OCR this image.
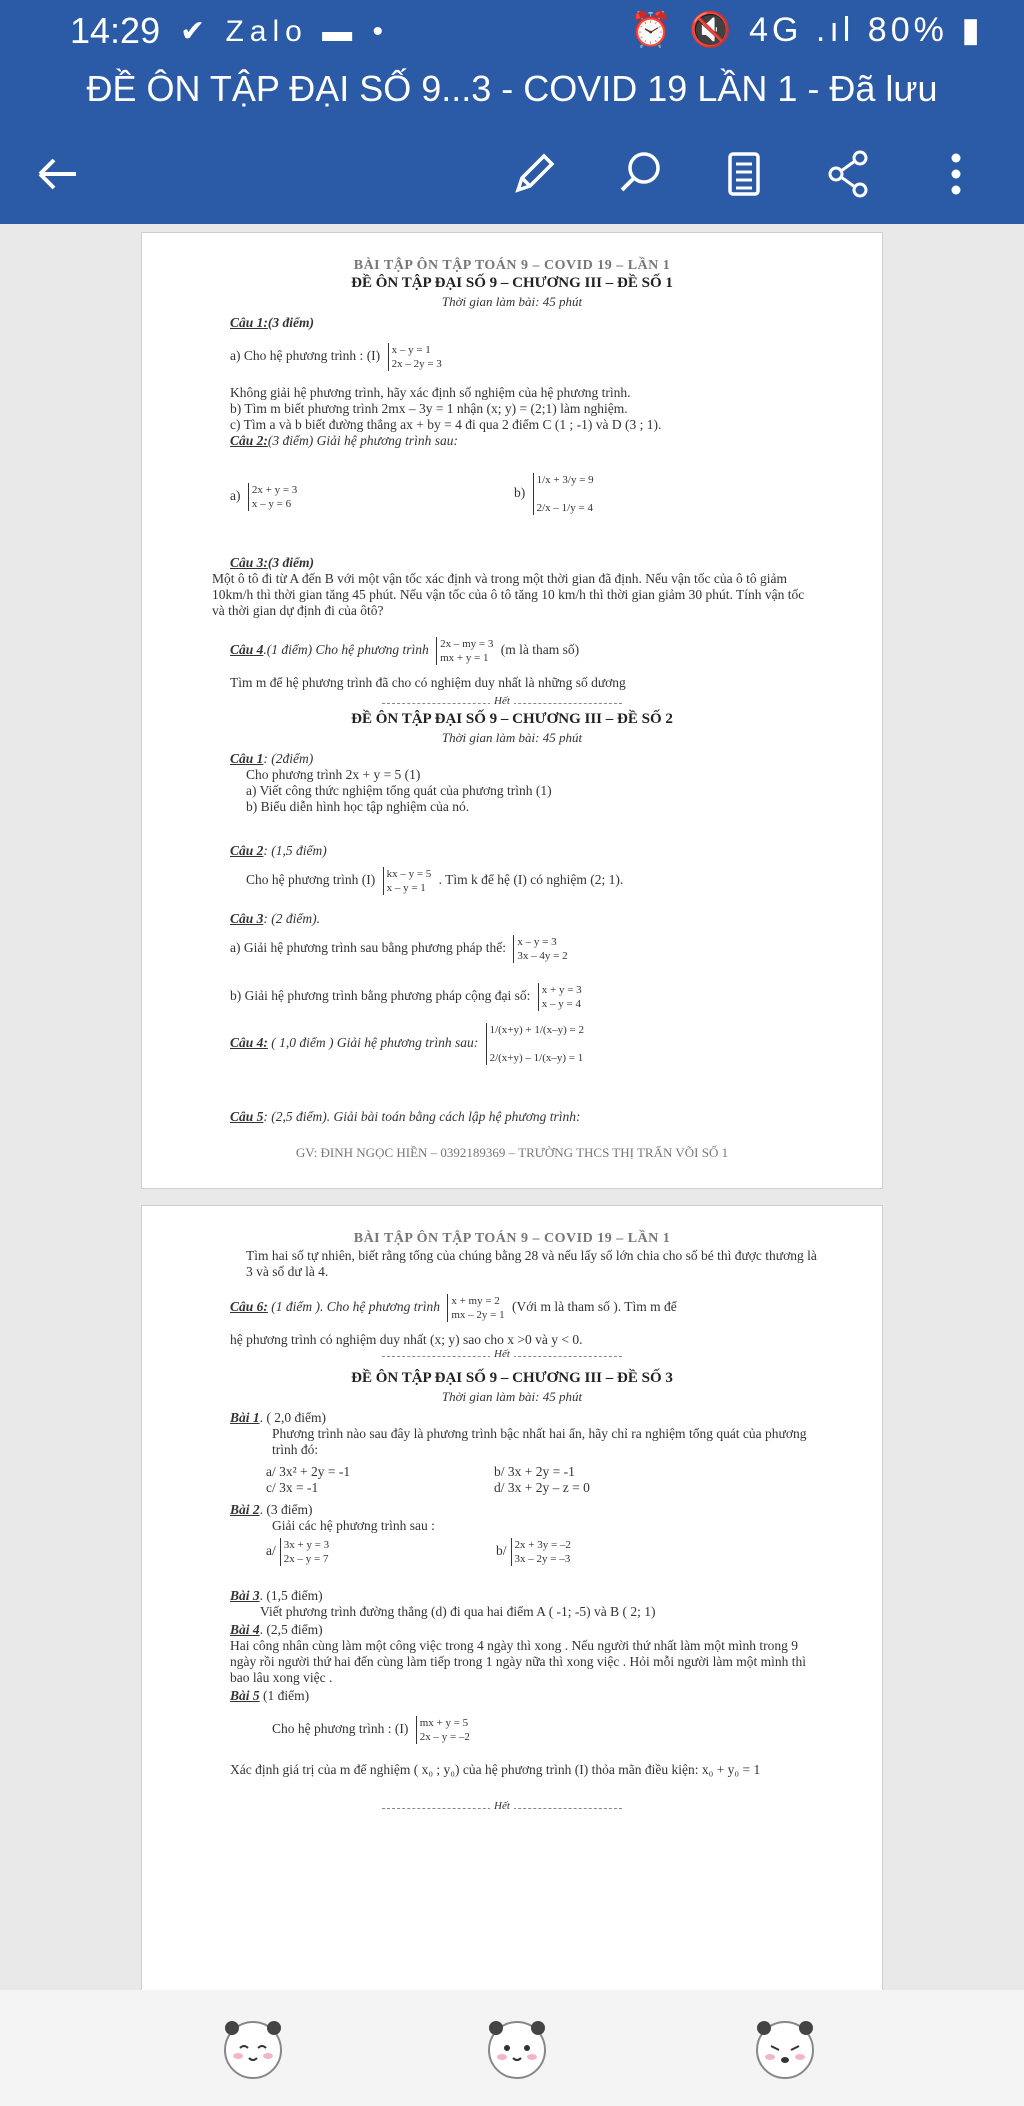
14:29 ✔ Zalo ▬ •	⏰ 🔇 4G .ıl 80% ▮
ĐỀ ÔN TẬP ĐẠI SỐ 9...3 - COVID 19 LẦN 1 - Đã lưu
BÀI TẬP ÔN TẬP TOÁN 9 – COVID 19 – LẦN 1
ĐỀ ÔN TẬP ĐẠI SỐ 9 – CHƯƠNG III – ĐỀ SỐ 1
Thời gian làm bài: 45 phút
Câu 1:(3 điểm)
a) Cho hệ phương trình : (I) x – y = 1
2x – 2y = 3
Không giải hệ phương trình, hãy xác định số nghiệm của hệ phương trình.
b) Tìm m biết phương trình 2mx – 3y = 1 nhận (x; y) = (2;1) làm nghiệm.
c) Tìm a và b biết đường thẳng ax + by = 4 đi qua 2 điểm C (1 ; -1) và D (3 ; 1).
Câu 2:(3 điểm) Giải hệ phương trình sau:
a) 2x + y = 3
x – y = 6
b) 1/x + 3/y = 9

2/x – 1/y = 4
Câu 3:(3 điểm)
Một ô tô đi từ A đến B với một vận tốc xác định và trong một thời gian đã định. Nếu vận tốc của ô tô giảm 10km/h thì thời gian tăng 45 phút. Nếu vận tốc của ô tô tăng 10 km/h thì thời gian giảm 30 phút. Tính vận tốc và thời gian dự định đi của ôtô?
Câu 4.(1 điểm) Cho hệ phương trình 2x – my = 3
mx + y = 1 (m là tham số)
Tìm m để hệ phương trình đã cho có nghiệm duy nhất là những số dương
Hết
ĐỀ ÔN TẬP ĐẠI SỐ 9 – CHƯƠNG III – ĐỀ SỐ 2
Thời gian làm bài: 45 phút
Câu 1: (2điểm)
Cho phương trình 2x + y = 5 (1)
a) Viết công thức nghiệm tổng quát của phương trình (1)
b) Biểu diễn hình học tập nghiệm của nó.
Câu 2: (1,5 điểm)
Cho hệ phương trình (I) kx – y = 5
x – y = 1 . Tìm k để hệ (I) có nghiệm (2; 1).
Câu 3: (2 điểm).
a) Giải hệ phương trình sau bằng phương pháp thế: x – y = 3
3x – 4y = 2
b) Giải hệ phương trình bằng phương pháp cộng đại số: x + y = 3
x – y = 4
Câu 4: ( 1,0 điểm ) Giải hệ phương trình sau: 1/(x+y) + 1/(x–y) = 2

2/(x+y) – 1/(x–y) = 1
Câu 5: (2,5 điểm). Giải bài toán bằng cách lập hệ phương trình:
GV: ĐINH NGỌC HIỀN – 0392189369 – TRƯỜNG THCS THỊ TRẤN VÕI SỐ 1
BÀI TẬP ÔN TẬP TOÁN 9 – COVID 19 – LẦN 1
Tìm hai số tự nhiên, biết rằng tổng của chúng bằng 28 và nếu lấy số lớn chia cho số bé thì được thương là 3 và số dư là 4.
Câu 6: (1 điểm ). Cho hệ phương trình x + my = 2
mx – 2y = 1 (Với m là tham số ). Tìm m để
hệ phương trình có nghiệm duy nhất (x; y) sao cho x >0 và y < 0.
Hết
ĐỀ ÔN TẬP ĐẠI SỐ 9 – CHƯƠNG III – ĐỀ SỐ 3
Thời gian làm bài: 45 phút
Bài 1. ( 2,0 điểm)
Phương trình nào sau đây là phương trình bậc nhất hai ẩn, hãy chỉ ra nghiệm tổng quát của phương trình đó:
a/ 3x² + 2y = -1
c/ 3x = -1
b/ 3x + 2y = -1
d/ 3x + 2y – z = 0
Bài 2. (3 điểm)
Giải các hệ phương trình sau :
a/ 3x + y = 3
2x – y = 7
b/ 2x + 3y = –2
3x – 2y = –3
Bài 3. (1,5 điểm)
Viết phương trình đường thẳng (d) đi qua hai điểm A ( -1; -5) và B ( 2; 1)
Bài 4. (2,5 điểm)
Hai công nhân cùng làm một công việc trong 4 ngày thì xong . Nếu người thứ nhất làm một mình trong 9 ngày rồi người thứ hai đến cùng làm tiếp trong 1 ngày nữa thì xong việc . Hỏi mỗi người làm một mình thì bao lâu xong việc .
Bài 5 (1 điểm)
Cho hệ phương trình : (I) mx + y = 5
2x – y = –2
Xác định giá trị của m để nghiệm ( x₀ ; y₀) của hệ phương trình (I) thỏa mãn điều kiện: x₀ + y₀ = 1
Hết
